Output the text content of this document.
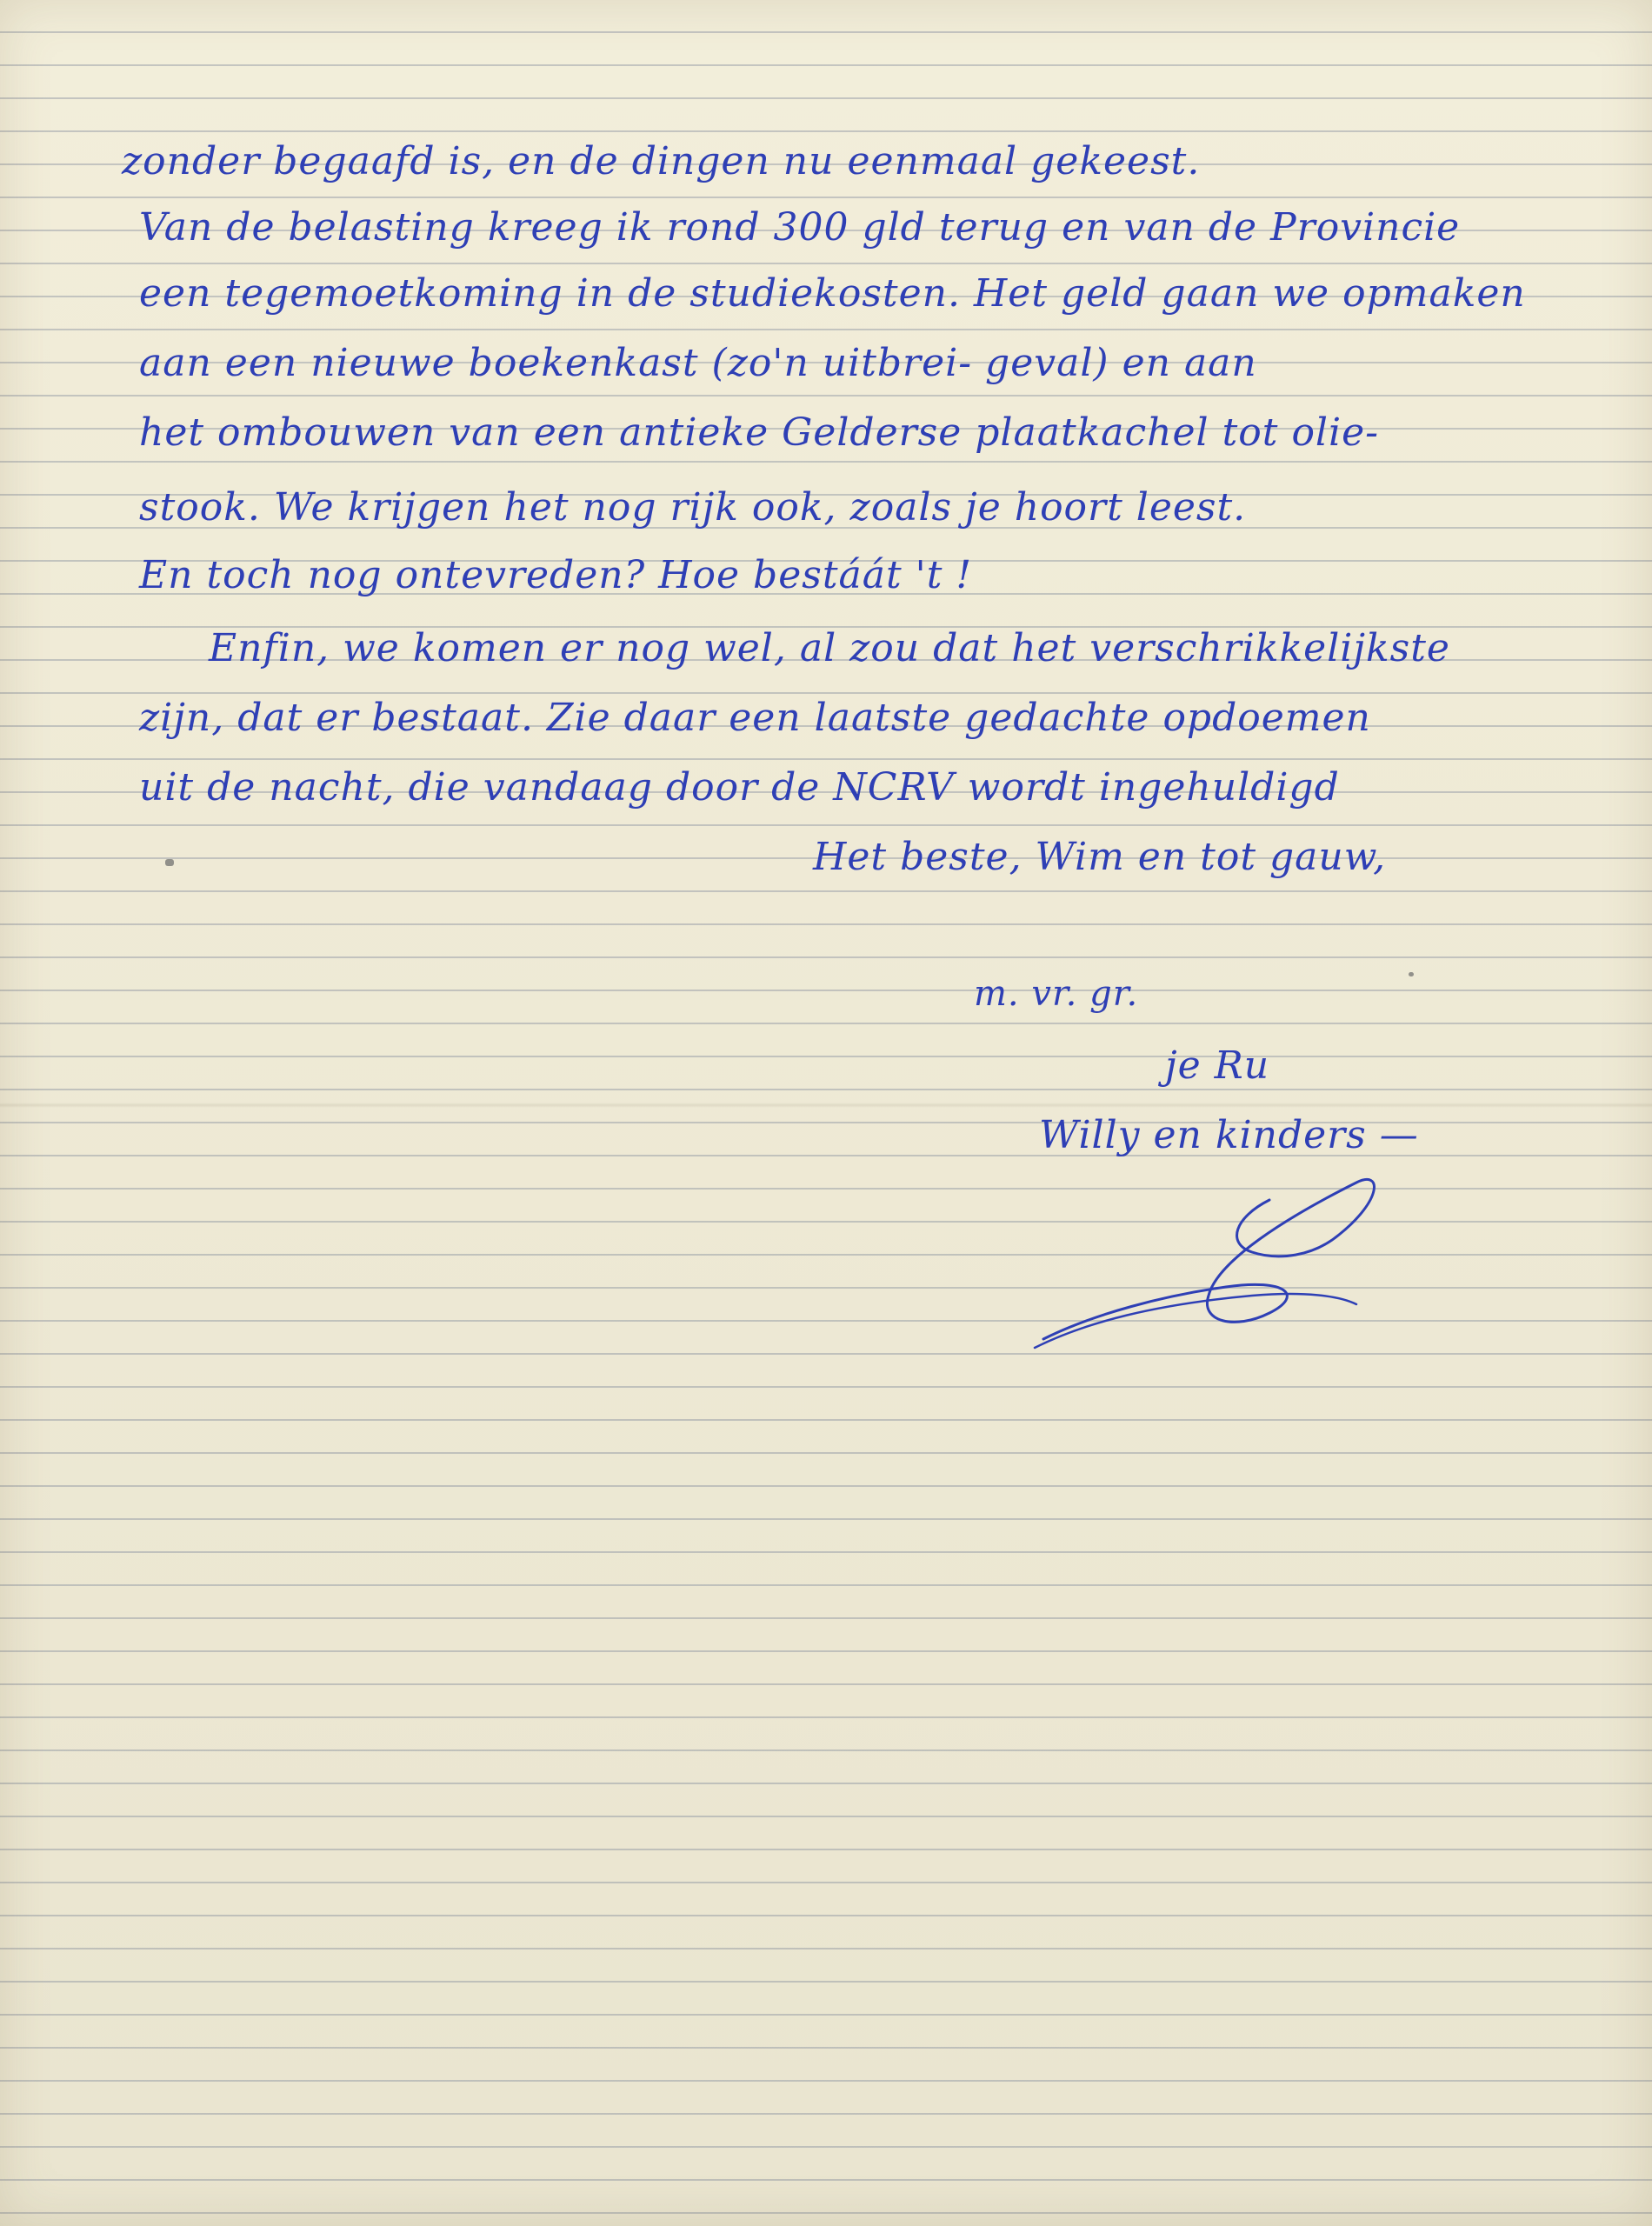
zonder begaafd is, en de dingen nu eenmaal gekeest.
Van de belasting kreeg ik rond 300 gld terug en van de Provincie
een tegemoetkoming in de studiekosten. Het geld gaan we opmaken
aan een nieuwe boekenkast (zo'n uitbrei- geval) en aan
het ombouwen van een antieke Gelderse plaatkachel tot olie-
stook. We krijgen het nog rijk ook, zoals je hoort leest.
En toch nog ontevreden? Hoe bestáát 't !
Enfin, we komen er nog wel, al zou dat het verschrikkelijkste
zijn, dat er bestaat. Zie daar een laatste gedachte opdoemen
uit de nacht, die vandaag door de NCRV wordt ingehuldigd
Het beste, Wim en tot gauw,
m. vr. gr.
je Ru
Willy en kinders —
